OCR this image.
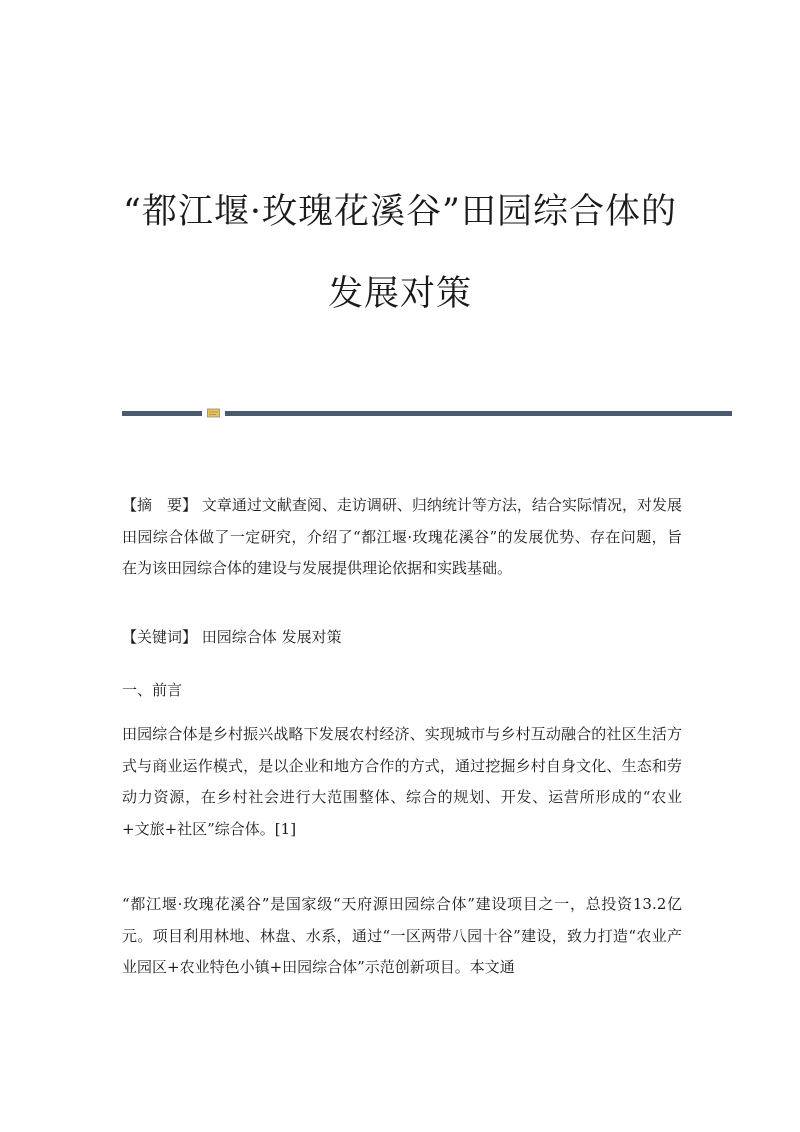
“都江堰·玫瑰花溪谷”田园综合体的
发展对策
【摘　要】 文章通过文献查阅、走访调研、归纳统计等方法，结合实际情况，对发展田园综合体做了一定研究，介绍了“都江堰·玫瑰花溪谷”的发展优势、存在问题，旨在为该田园综合体的建设与发展提供理论依据和实践基础。
【关键词】 田园综合体 发展对策
一、前言
田园综合体是乡村振兴战略下发展农村经济、实现城市与乡村互动融合的社区生活方式与商业运作模式，是以企业和地方合作的方式，通过挖掘乡村自身文化、生态和劳动力资源，在乡村社会进行大范围整体、综合的规划、开发、运营所形成的“农业+文旅+社区”综合体。[1]
“都江堰·玫瑰花溪谷”是国家级“天府源田园综合体”建设项目之一，总投资13.2亿元。项目利用林地、林盘、水系，通过“一区两带八园十谷”建设，致力打造“农业产业园区+农业特色小镇+田园综合体”示范创新项目。本文通
